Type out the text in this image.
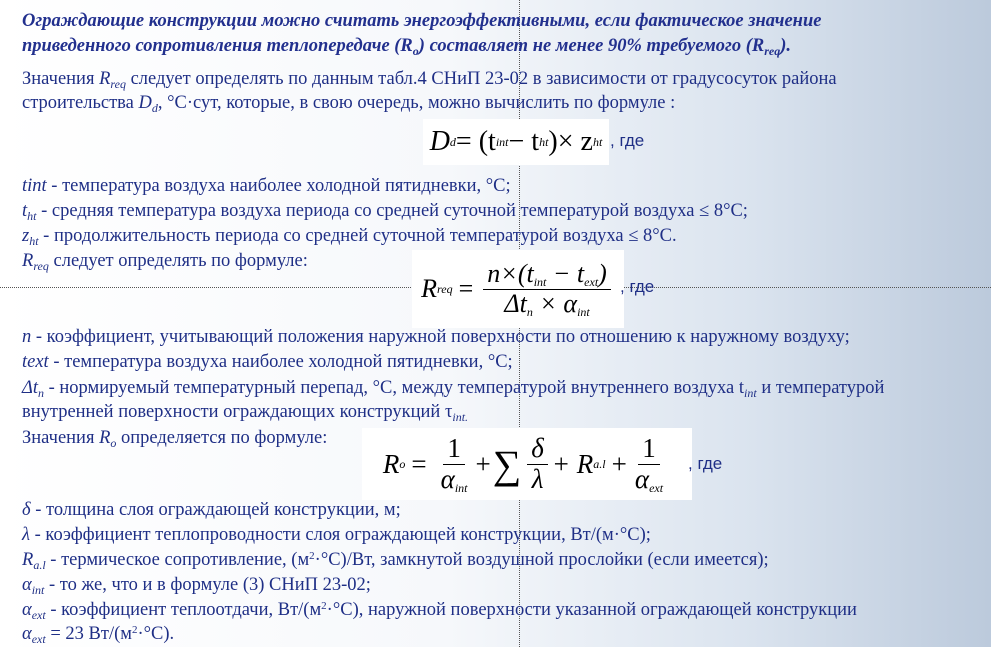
Ограждающие конструкции можно считать энергоэффективными, если фактическое значение
приведенного сопротивления теплопередаче $(R_o)$ составляет не менее 90% требуемого $(R_{req})$.
Значения $R_{req}$ следует определять по данным табл.4 СНиП 23-02 в зависимости от градусосуток района
строительства $D_d$, °С·сут, которые, в свою очередь, можно вычислить по формуле :
D d = (t int − t ht )× z ht , где
tint - температура воздуха наиболее холодной пятидневки, °С;
$t_{ht}$ - средняя температура воздуха периода со средней суточной температурой воздуха ≤ 8°С;
$z_{ht}$ - продолжительность периода со средней суточной температурой воздуха ≤ 8°С.
$R_{req}$ следует определять по формуле:
R req = $\frac{n\times(t_{int} - t_{ext})}{\Delta t_n \times \alpha_{int}}$ , где
n - коэффициент, учитывающий положения наружной поверхности по отношению к наружному воздуху;
text - температура воздуха наиболее холодной пятидневки, °С;
$\Delta t_n$ - нормируемый температурный перепад, °С, между температурой внутреннего воздуха $t_{int}$ и температурой
внутренней поверхности ограждающих конструкций $\tau_{int.}$
Значения $R_o$ определяется по формуле:
R $o = \frac{1}{\alpha_{int}}$ + ∑ $\frac{\delta}{\lambda} + R$ $a.l + \frac{1}{\alpha_{ext}}$ , где
δ - толщина слоя ограждающей конструкции, м;
λ - коэффициент теплопроводности слоя ограждающей конструкции, Вт/(м·°С);
$R_{a.l}$ - термическое сопротивление, $(м^2\cdot^\circ С)/Вт$, замкнутой воздушной прослойки (если имеется);
$\alpha_{int}$ - то же, что и в формуле (3) СНиП 23-02;
$\alpha_{ext}$ - коэффициент теплоотдачи, $Вт/(м^2\cdot^\circ С)$, наружной поверхности указанной ограждающей конструкции
$\alpha_{ext} = 23$ $Вт/(м^2\cdot^\circ С)$.
